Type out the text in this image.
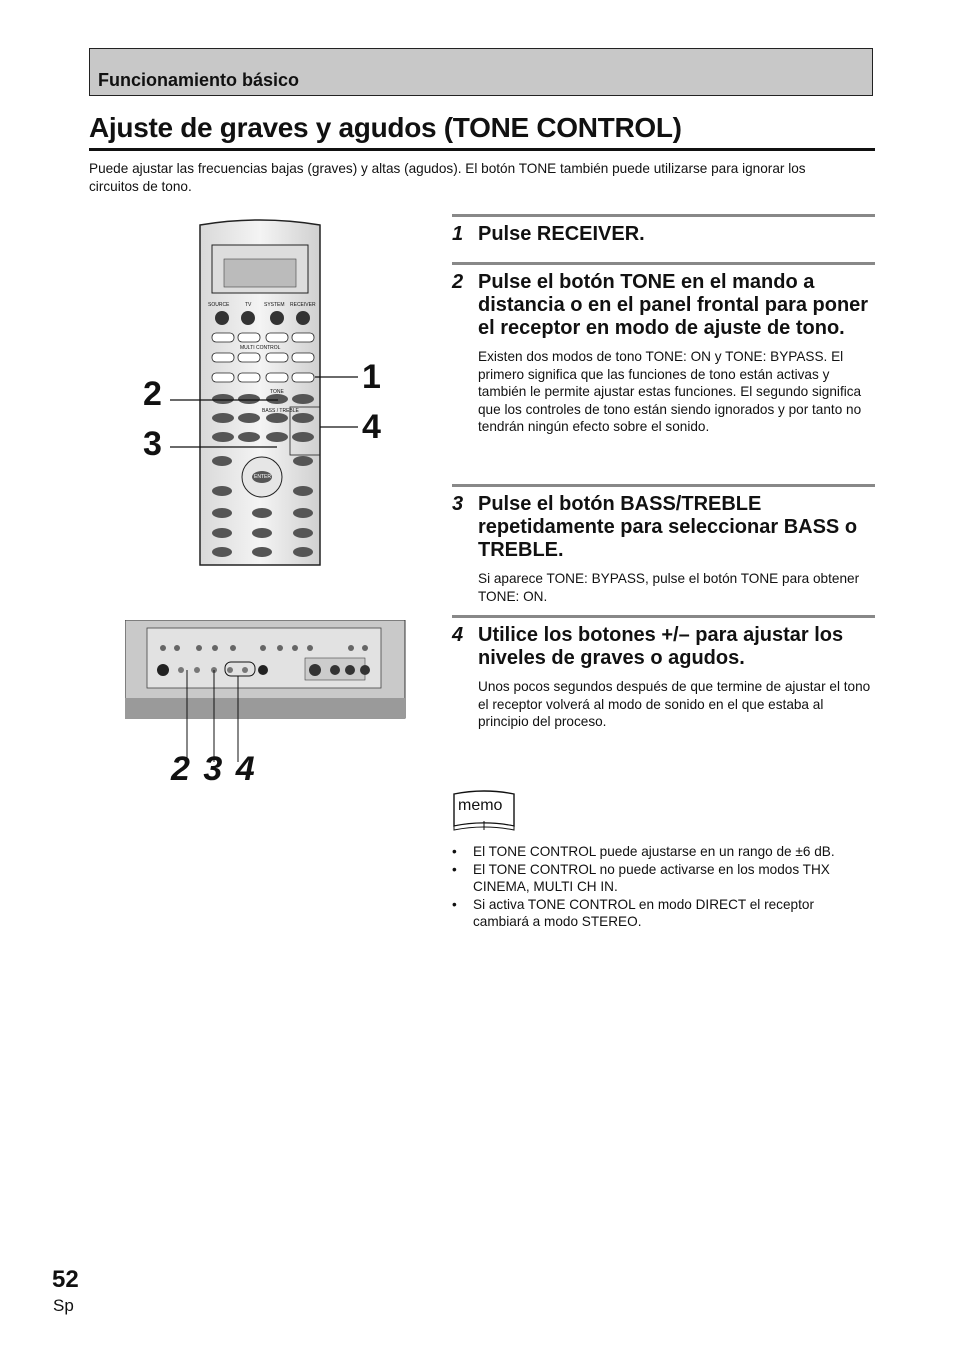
Funcionamiento básico
Ajuste de graves y agudos (TONE CONTROL)

Puede ajustar las frecuencias bajas (graves) y altas (agudos). El botón TONE también puede utilizarse para ignorar los circuitos de tono.

SOURCE	TV	SYSTEM RECEIVER
MULTI CONTROL
TONE
BASS / TREBLE
ENTER
2
3
1
4
2 3 4
1 Pulse RECEIVER.

2 Pulse el botón TONE en el mando a distancia o en el panel frontal para poner el receptor en modo de ajuste de tono.

Existen dos modos de tono TONE: ON y TONE: BYPASS. El primero significa que las funciones de tono están activas y también le permite ajustar estas funciones. El segundo significa que los controles de tono están siendo ignorados y por tanto no tendrán ningún efecto sobre el sonido.

3 Pulse el botón BASS/TREBLE repetidamente para seleccionar BASS o TREBLE.

Si aparece TONE: BYPASS, pulse el botón TONE para obtener TONE: ON.

4 Utilice los botones +/– para ajustar los niveles de graves o agudos.

Unos pocos segundos después de que termine de ajustar el tono el receptor volverá al modo de sonido en el que estaba al principio del proceso.

memo
• El TONE CONTROL puede ajustarse en un rango de ±6 dB.
• El TONE CONTROL no puede activarse en los modos THX CINEMA, MULTI CH IN.
• Si activa TONE CONTROL en modo DIRECT el receptor cambiará a modo STEREO.
52
Sp
